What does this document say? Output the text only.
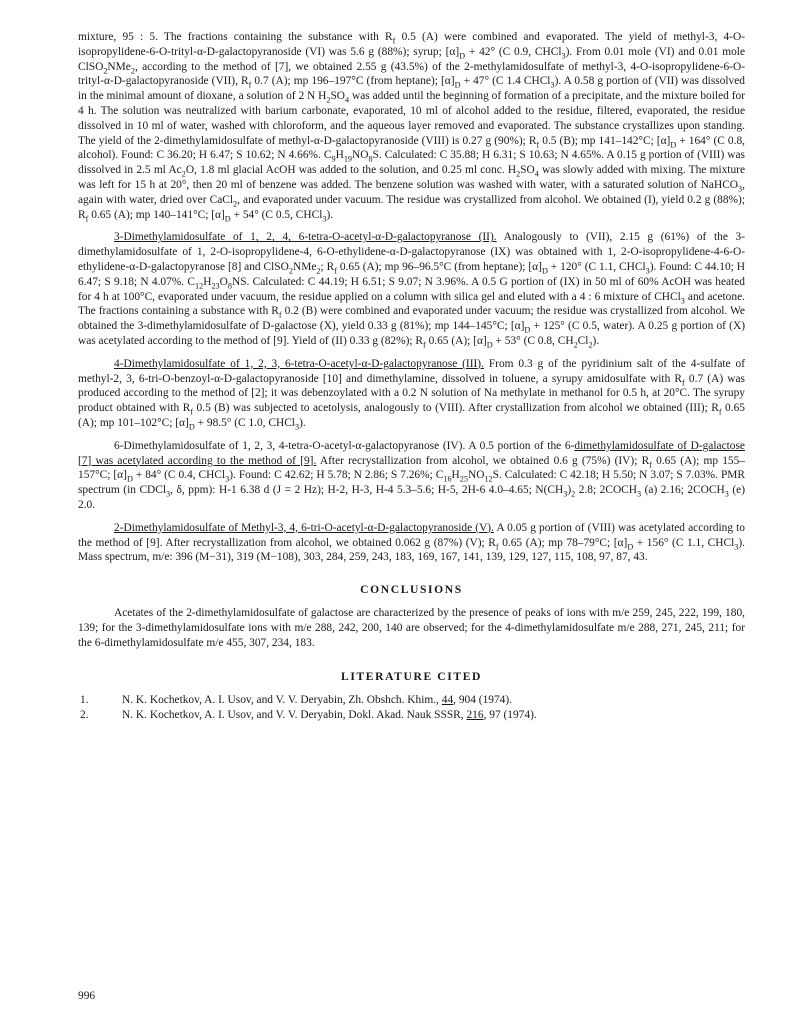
mixture, 95 : 5. The fractions containing the substance with $R_f$ 0.5 (A) were combined and evaporated. The yield of methyl-3, 4-O-isopropylidene-6-O-trityl-α-D-galactopyranoside (VI) was 5.6 g (88%); syrup; $[\alpha]_D + 42^\circ$ (C 0.9, CHCl$_3$). From 0.01 mole (VI) and 0.01 mole ClSO$_2$NMe$_2$, according to the method of [7], we obtained 2.55 g (43.5%) of the 2-methylamidosulfate of methyl-3, 4-O-isopropylidene-6-O-trityl-α-D-galactopyranoside (VII), $R_f$ 0.7 (A); mp 196–197°C (from heptane); $[\alpha]_D + 47^\circ$ (C 1.4 CHCl$_3$). A 0.58 g portion of (VII) was dissolved in the minimal amount of dioxane, a solution of 2 N $H_2SO_4$ was added until the beginning of formation of a precipitate, and the mixture boiled for 4 h. The solution was neutralized with barium carbonate, evaporated, 10 ml of alcohol added to the residue, filtered, evaporated, the residue dissolved in 10 ml of water, washed with chloroform, and the aqueous layer removed and evaporated. The substance crystallizes upon standing. The yield of the 2-dimethylamidosulfate of methyl-α-D-galactopyranoside (VIII) is 0.27 g (90%); $R_f$ 0.5 (B); mp 141–142°C; $[\alpha]_D + 164^\circ$ (C 0.8, alcohol). Found: C 36.20; H 6.47; S 10.62; N 4.66%. $C_9H_{19}NO_8S$. Calculated: C 35.88; H 6.31; S 10.63; N 4.65%. A 0.15 g portion of (VIII) was dissolved in 2.5 ml $Ac_2O$, 1.8 ml glacial AcOH was added to the solution, and 0.25 ml conc. $H_2SO_4$ was slowly added with mixing. The mixture was left for 15 h at 20°, then 20 ml of benzene was added. The benzene solution was washed with water, with a saturated solution of NaHCO$_3$, again with water, dried over CaCl$_2$, and evaporated under vacuum. The residue was crystallized from alcohol. We obtained (I), yield 0.2 g (88%); $R_f$ 0.65 (A); mp 140–141°C; $[\alpha]_D + 54^\circ$ (C 0.5, CHCl$_3$).

3-Dimethylamidosulfate of 1, 2, 4, 6-tetra-O-acetyl-α-D-galactopyranose (II). Analogously to (VII), 2.15 g (61%) of the 3-dimethylamidosulfate of 1, 2-O-isopropylidene-4, 6-O-ethylidene-α-D-galactopyranose (IX) was obtained with 1, 2-O-isopropylidene-4-6-O-ethylidene-α-D-galactopyranose [8] and ClSO$_2$NMe$_2$; $R_f$ 0.65 (A); mp 96–96.5°C (from heptane); $[\alpha]_D + 120^\circ$ (C 1.1, CHCl$_3$). Found: C 44.10; H 6.47; S 9.18; N 4.07%. $C_{12}H_{23}O_8NS$. Calculated: C 44.19; H 6.51; S 9.07; N 3.96%. A 0.5 G portion of (IX) in 50 ml of 60% AcOH was heated for 4 h at 100°C, evaporated under vacuum, the residue applied on a column with silica gel and eluted with a 4 : 6 mixture of CHCl$_3$ and acetone. The fractions containing a substance with $R_f$ 0.2 (B) were combined and evaporated under vacuum; the residue was crystallized from alcohol. We obtained the 3-dimethylamidosulfate of D-galactose (X), yield 0.33 g (81%); mp 144–145°C; $[\alpha]_D + 125^\circ$ (C 0.5, water). A 0.25 g portion of (X) was acetylated according to the method of [9]. Yield of (II) 0.33 g (82%); $R_f$ 0.65 (A); $[\alpha]_D + 53^\circ$ (C 0.8, $CH_2Cl_2$).

4-Dimethylamidosulfate of 1, 2, 3, 6-tetra-O-acetyl-α-D-galactopyranose (III). From 0.3 g of the pyridinium salt of the 4-sulfate of methyl-2, 3, 6-tri-O-benzoyl-α-D-galactopyranoside [10] and dimethylamine, dissolved in toluene, a syrupy amidosulfate with $R_f$ 0.7 (A) was produced according to the method of [2]; it was debenzoylated with a 0.2 N solution of Na methylate in methanol for 0.5 h, at 20°C. The syrupy product obtained with $R_f$ 0.5 (B) was subjected to acetolysis, analogously to (VIII). After crystallization from alcohol we obtained (III); $R_f$ 0.65 (A); mp 101–102°C; $[\alpha]_D + 98.5^\circ$ (C 1.0, CHCl$_3$).

6-Dimethylamidosulfate of 1, 2, 3, 4-tetra-O-acetyl-α-galactopyranose (IV). A 0.5 portion of the 6-dimethylamidosulfate of D-galactose [7] was acetylated according to the method of [9]. After recrystallization from alcohol, we obtained 0.6 g (75%) (IV); $R_f$ 0.65 (A); mp 155–157°C; $[\alpha]_D + 84^\circ$ (C 0.4, CHCl$_3$). Found: C 42.62; H 5.78; N 2.86; S 7.26%; $C_{16}H_{25}NO_{12}S$. Calculated: C 42.18; H 5.50; N 3.07; S 7.03%. PMR spectrum (in CDCl$_3$, δ, ppm): H-1 6.38 d (J = 2 Hz); H-2, H-3, H-4 5.3–5.6; H-5, 2H-6 4.0–4.65; $N(CH_3)_2$ 2.8; $2COCH_3$ (a) 2.16; $2COCH_3$ (e) 2.0.

2-Dimethylamidosulfate of Methyl-3, 4, 6-tri-O-acetyl-α-D-galactopyranoside (V). A 0.05 g portion of (VIII) was acetylated according to the method of [9]. After recrystallization from alcohol, we obtained 0.062 g (87%) (V); $R_f$ 0.65 (A); mp 78–79°C; $[\alpha]_D + 156^\circ$ (C 1.1, CHCl$_3$). Mass spectrum, m/e: 396 (M−31), 319 (M−108), 303, 284, 259, 243, 183, 169, 167, 141, 139, 129, 127, 115, 108, 97, 87, 43.

CONCLUSIONS

Acetates of the 2-dimethylamidosulfate of galactose are characterized by the presence of peaks of ions with m/e 259, 245, 222, 199, 180, 139; for the 3-dimethylamidosulfate ions with m/e 288, 242, 200, 140 are observed; for the 4-dimethylamidosulfate m/e 288, 271, 245, 211; for the 6-dimethylamidosulfate m/e 455, 307, 234, 183.

LITERATURE CITED
1.	N. K. Kochetkov, A. I. Usov, and V. V. Deryabin, Zh. Obshch. Khim., 44, 904 (1974).
2.	N. K. Kochetkov, A. I. Usov, and V. V. Deryabin, Dokl. Akad. Nauk SSSR, 216, 97 (1974).
996
